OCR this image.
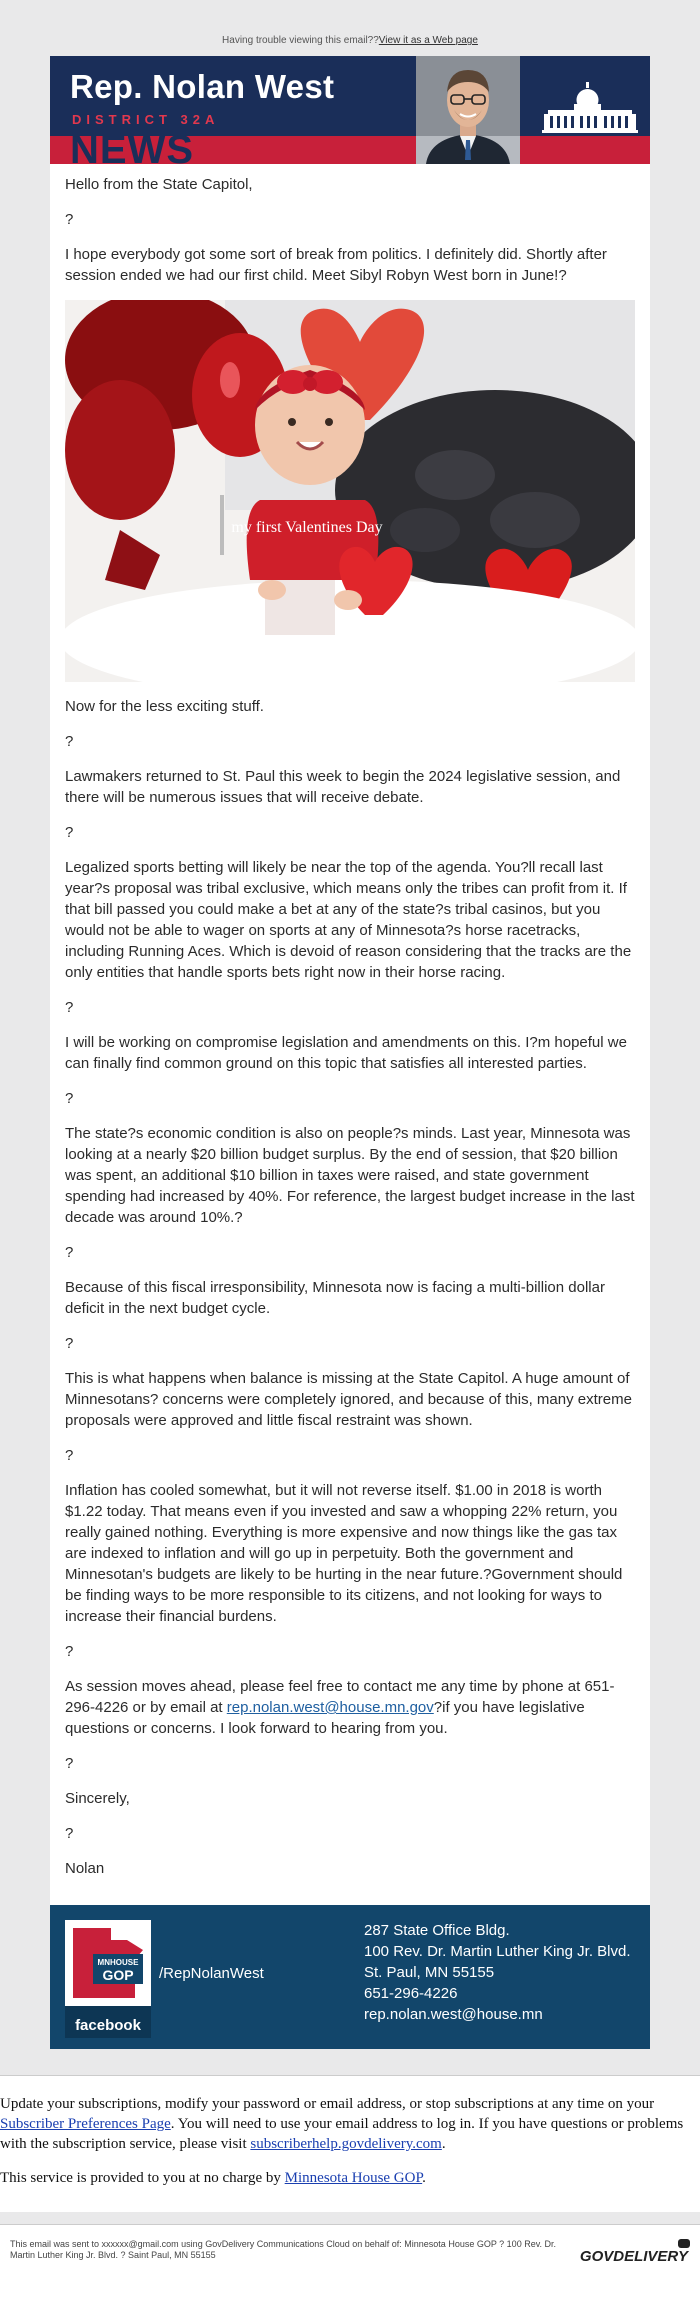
Having trouble viewing this email?? View it as a Web page
Rep. Nolan West
DISTRICT 32A
NEWS

Hello from the State Capitol,

?

I hope everybody got some sort of break from politics. I definitely did. Shortly after session ended we had our first child. Meet Sibyl Robyn West born in June!?

my first Valentines Day

Now for the less exciting stuff.

?

Lawmakers returned to St. Paul this week to begin the 2024 legislative session, and there will be numerous issues that will receive debate.

?

Legalized sports betting will likely be near the top of the agenda. You?ll recall last year?s proposal was tribal exclusive, which means only the tribes can profit from it. If that bill passed you could make a bet at any of the state?s tribal casinos, but you would not be able to wager on sports at any of Minnesota?s horse racetracks, including Running Aces. Which is devoid of reason considering that the tracks are the only entities that handle sports bets right now in their horse racing.

?

I will be working on compromise legislation and amendments on this. I?m hopeful we can finally find common ground on this topic that satisfies all interested parties.

?

The state?s economic condition is also on people?s minds. Last year, Minnesota was looking at a nearly $20 billion budget surplus. By the end of session, that $20 billion was spent, an additional $10 billion in taxes were raised, and state government spending had increased by 40%. For reference, the largest budget increase in the last decade was around 10%.?

?

Because of this fiscal irresponsibility, Minnesota now is facing a multi-billion dollar deficit in the next budget cycle.

?

This is what happens when balance is missing at the State Capitol. A huge amount of Minnesotans? concerns were completely ignored, and because of this, many extreme proposals were approved and little fiscal restraint was shown.

?

Inflation has cooled somewhat, but it will not reverse itself. $1.00 in 2018 is worth $1.22 today. That means even if you invested and saw a whopping 22% return, you really gained nothing. Everything is more expensive and now things like the gas tax are indexed to inflation and will go up in perpetuity. Both the government and Minnesotan's budgets are likely to be hurting in the near future.?Government should be finding ways to be more responsible to its citizens, and not looking for ways to increase their financial burdens.

?

As session moves ahead, please feel free to contact me any time by phone at 651-296-4226 or by email at rep.nolan.west@house.mn.gov?if you have legislative questions or concerns. I look forward to hearing from you.

?

Sincerely,

?

Nolan

MNHOUSE
GOP
facebook
/RepNolanWest
287 State Office Bldg.
100 Rev. Dr. Martin Luther King Jr. Blvd.
St. Paul, MN 55155
651-296-4226
rep.nolan.west@house.mn

Update your subscriptions, modify your password or email address, or stop subscriptions at any time on your Subscriber Preferences Page. You will need to use your email address to log in. If you have questions or problems with the subscription service, please visit subscriberhelp.govdelivery.com.

This service is provided to you at no charge by Minnesota House GOP.

This email was sent to xxxxxx@gmail.com using GovDelivery Communications Cloud on behalf of: Minnesota House GOP ? 100 Rev. Dr. Martin Luther King Jr. Blvd. ? Saint Paul, MN 55155	GOVDELIVERY
